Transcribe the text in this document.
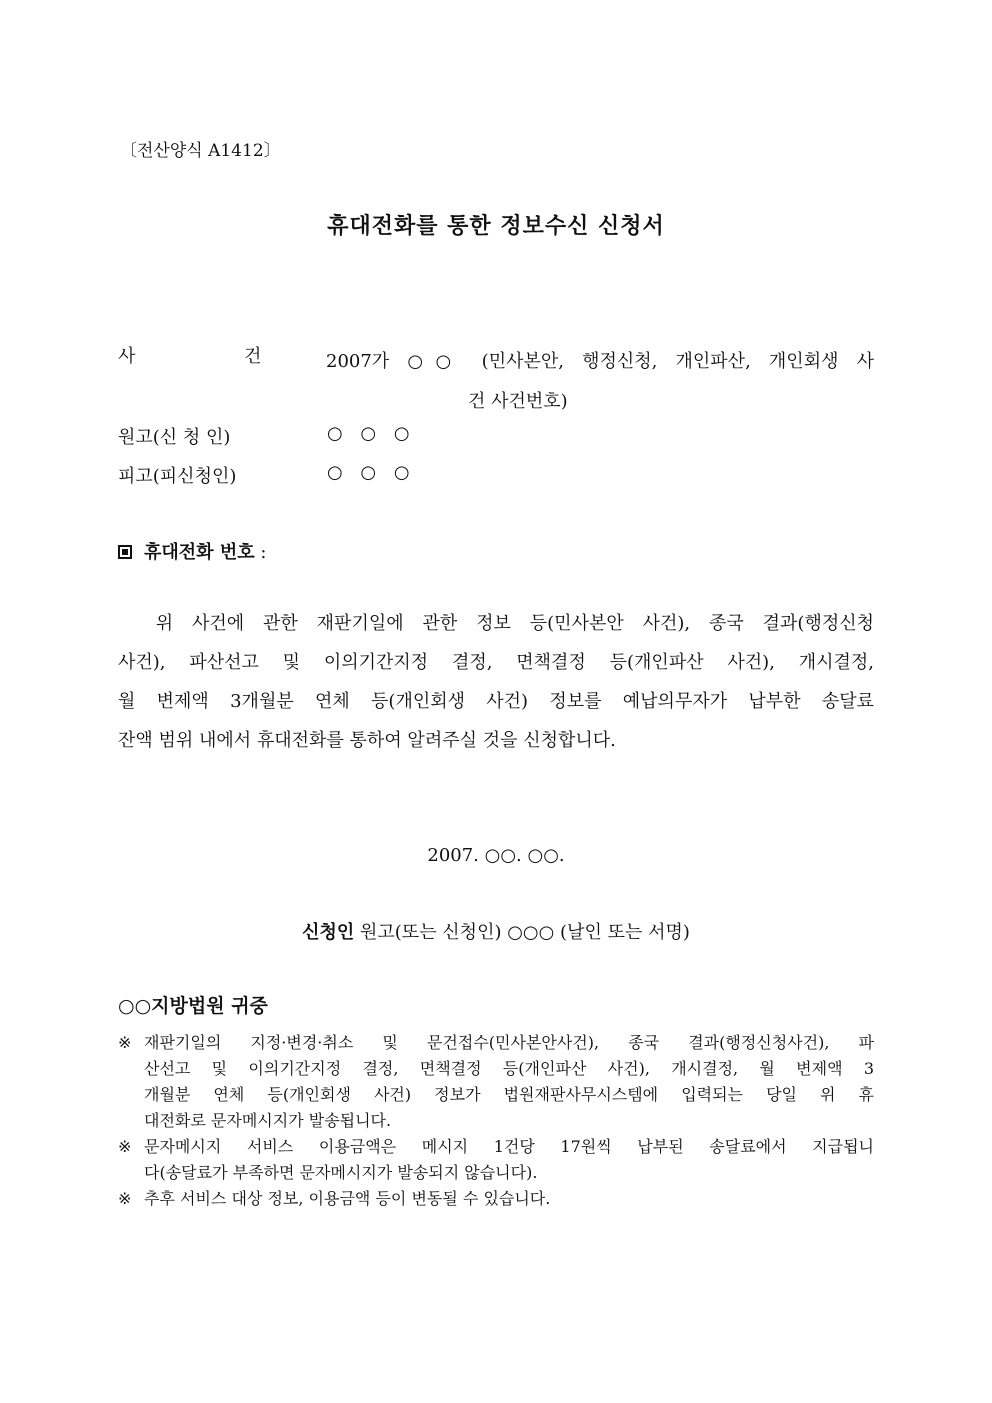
〔전산양식 A1412〕
휴대전화를 통한 정보수신 신청서
사	건	2007가 ○○ (민사본안, 행정신청, 개인파산, 개인회생 사
건 사건번호)
원고(신 청 인)	○ ○ ○
피고(피신청인)	○ ○ ○
휴대전화 번호 :
위 사건에 관한 재판기일에 관한 정보 등(민사본안 사건), 종국 결과(행정신청
사건), 파산선고 및 이의기간지정 결정, 면책결정 등(개인파산 사건), 개시결정,
월 변제액 3개월분 연체 등(개인회생 사건) 정보를 예납의무자가 납부한 송달료
잔액 범위 내에서 휴대전화를 통하여 알려주실 것을 신청합니다.
2007. ○○. ○○.
신청인 원고(또는 신청인) ○○○ (날인 또는 서명)
○○지방법원 귀중
※ 재판기일의 지정·변경·취소 및 문건접수(민사본안사건), 종국 결과(행정신청사건), 파
산선고 및 이의기간지정 결정, 면책결정 등(개인파산 사건), 개시결정, 월 변제액 3
개월분 연체 등(개인회생 사건) 정보가 법원재판사무시스템에 입력되는 당일 위 휴
대전화로 문자메시지가 발송됩니다.
※ 문자메시지 서비스 이용금액은 메시지 1건당 17원씩 납부된 송달료에서 지급됩니
다(송달료가 부족하면 문자메시지가 발송되지 않습니다).
※ 추후 서비스 대상 정보, 이용금액 등이 변동될 수 있습니다.
